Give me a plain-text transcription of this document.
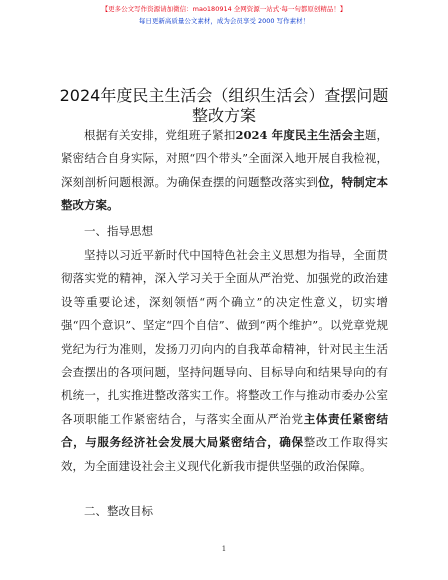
【更多公文写作资源请加微信：mao180914 全网资源一站式·每一句都原创精品！】
每日更新高质量公文素材，成为会员享受 2000 写作素材！
2024年度民主生活会（组织生活会）查摆问题
整改方案
根据有关安排，党组班子紧扣2024 年度民主生活会主题，紧密结合自身实际，对照“四个带头”全面深入地开展自我检视，深刻剖析问题根源。为确保查摆的问题整改落实到位，特制定本整改方案。
一、指导思想
坚持以习近平新时代中国特色社会主义思想为指导，全面贯彻落实党的精神，深入学习关于全面从严治党、加强党的政治建设等重要论述，深刻领悟“两个确立”的决定性意义，切实增强“四个意识”、坚定“四个自信”、做到“两个维护”。以党章党规党纪为行为准则，发扬刀刃向内的自我革命精神，针对民主生活会查摆出的各项问题，坚持问题导向、目标导向和结果导向的有机统一，扎实推进整改落实工作。将整改工作与推动市委办公室各项职能工作紧密结合，与落实全面从严治党主体责任紧密结合，与服务经济社会发展大局紧密结合，确保整改工作取得实效，为全面建设社会主义现代化新我市提供坚强的政治保障。
二、整改目标
1
